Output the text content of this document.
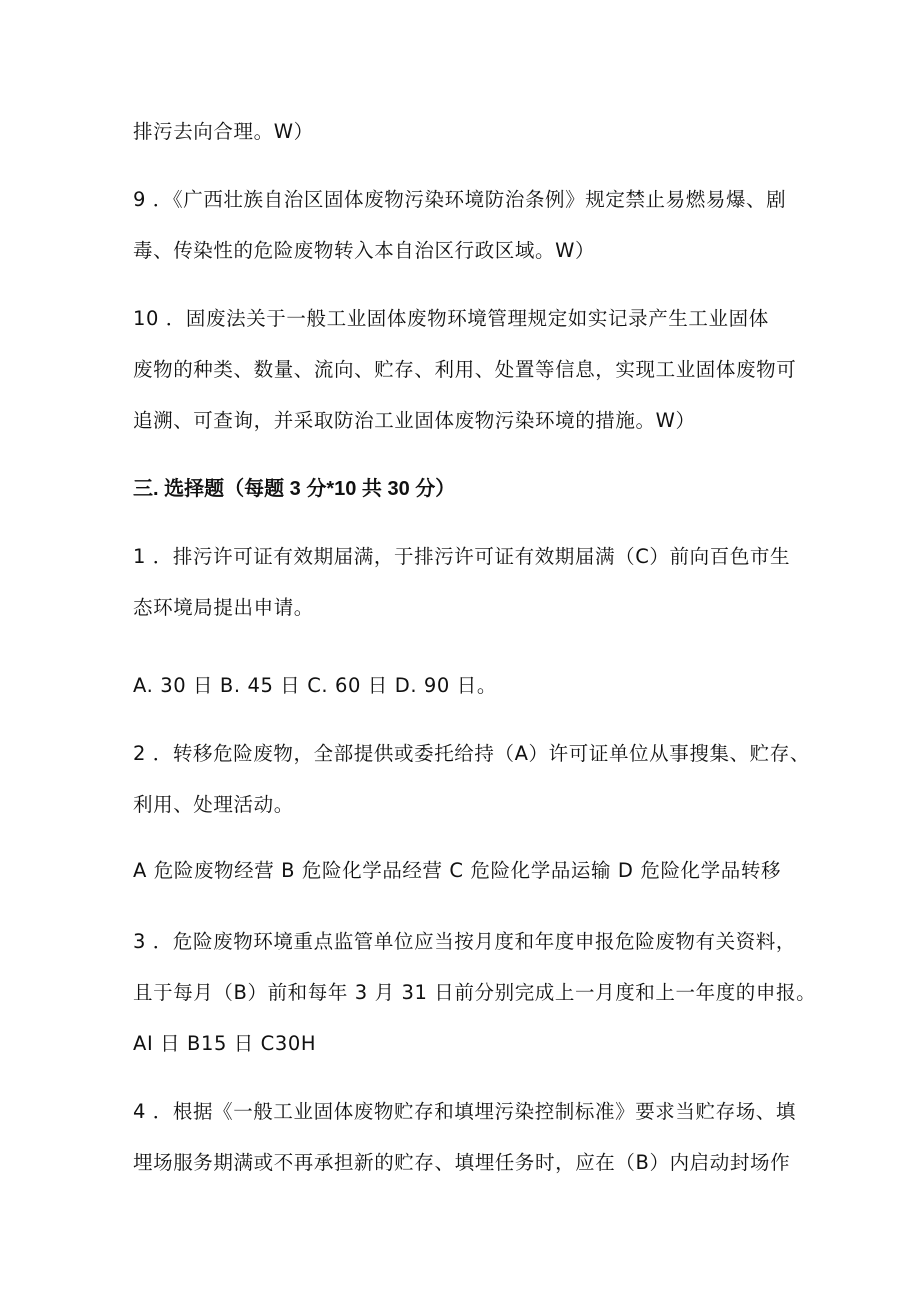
排污去向合理。W）
9 ．《广西壮族自治区固体废物污染环境防治条例》规定禁止易燃易爆、剧
毒、传染性的危险废物转入本自治区行政区域。W）
10 ．固废法关于一般工业固体废物环境管理规定如实记录产生工业固体
废物的种类、数量、流向、贮存、利用、处置等信息，实现工业固体废物可
追溯、可查询，并采取防治工业固体废物污染环境的措施。W）
三. 选择题（每题 3 分*10 共 30 分）
1 ．排污许可证有效期届满，于排污许可证有效期届满（C）前向百色市生
态环境局提出申请。
A. 30 日 B. 45 日 C. 60 日 D. 90 日。
2 ．转移危险废物，全部提供或委托给持（A）许可证单位从事搜集、贮存、
利用、处理活动。
A 危险废物经营 B 危险化学品经营 C 危险化学品运输 D 危险化学品转移
3 ．危险废物环境重点监管单位应当按月度和年度申报危险废物有关资料，
且于每月（B）前和每年 3 月 31 日前分别完成上一月度和上一年度的申报。
AI 日 B15 日 C30H
4 ．根据《一般工业固体废物贮存和填埋污染控制标准》要求当贮存场、填
埋场服务期满或不再承担新的贮存、填埋任务时，应在（B）内启动封场作
